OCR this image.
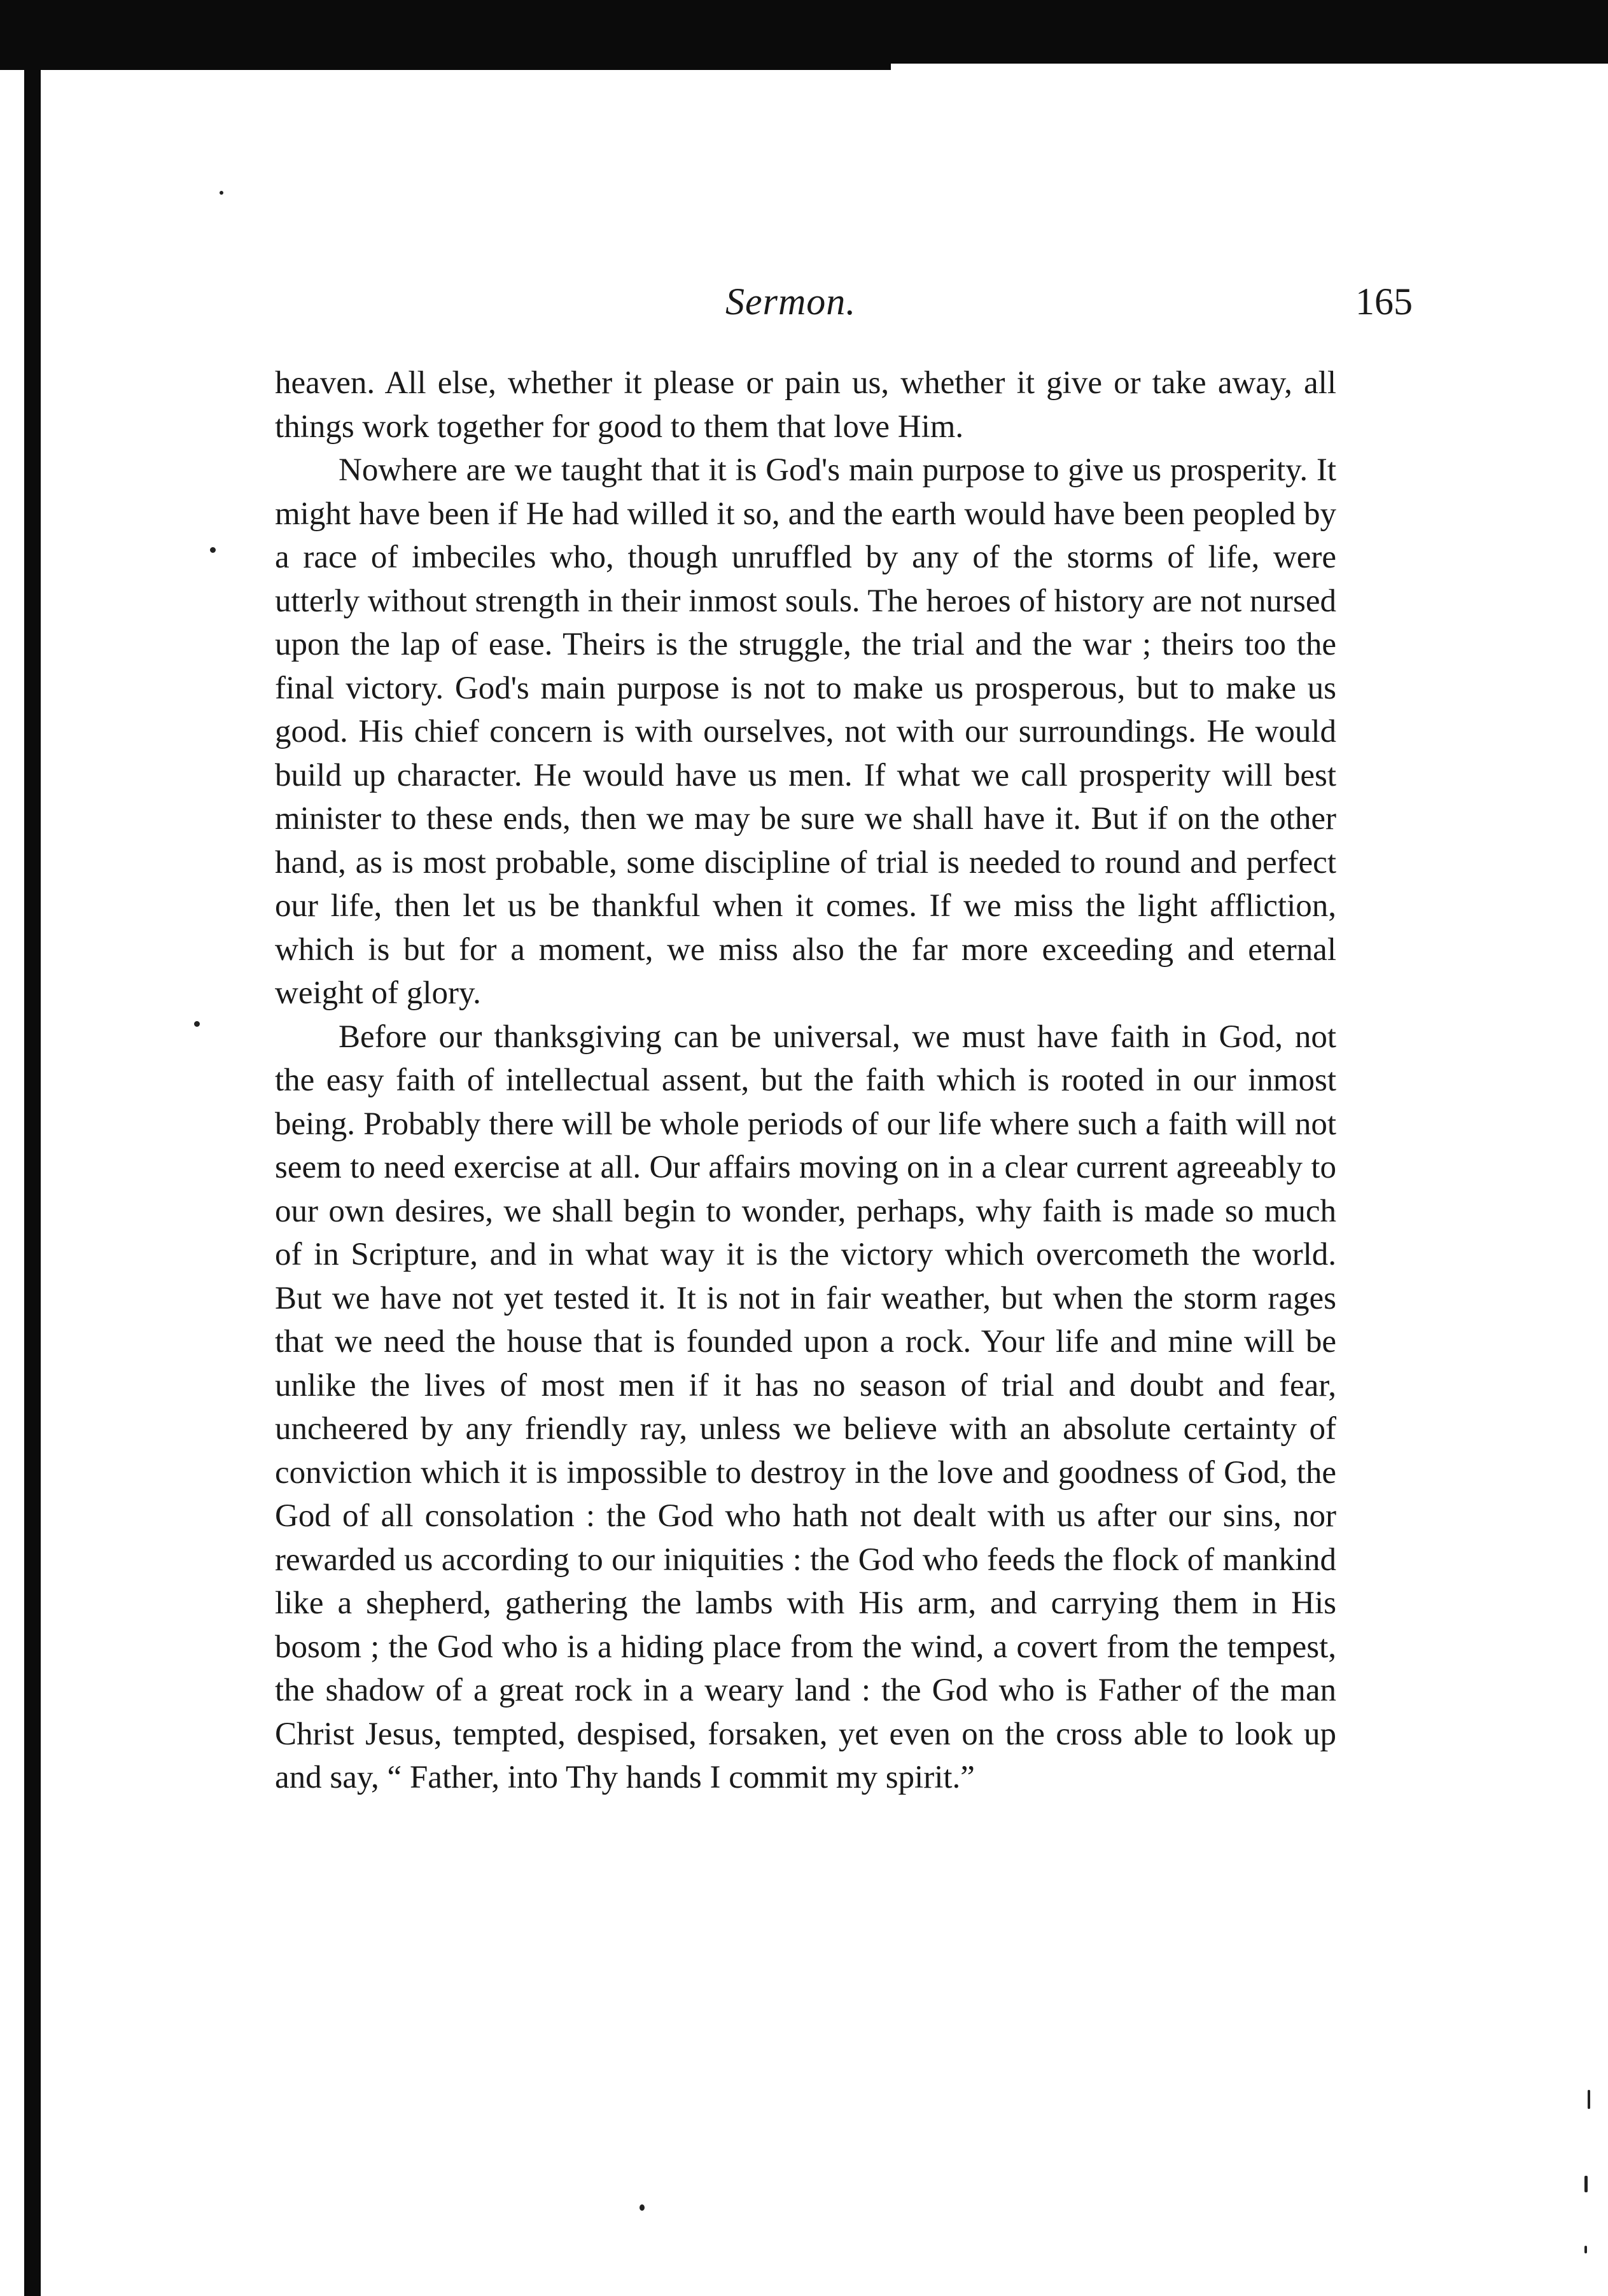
Sermon.	165

heaven. All else, whether it please or pain us, whether it give or take away, all things work together for good to them that love Him.

Nowhere are we taught that it is God's main purpose to give us prosperity. It might have been if He had willed it so, and the earth would have been peopled by a race of imbeciles who, though unruffled by any of the storms of life, were utterly without strength in their inmost souls. The heroes of history are not nursed upon the lap of ease. Theirs is the struggle, the trial and the war ; theirs too the final victory. God's main purpose is not to make us prosperous, but to make us good. His chief concern is with ourselves, not with our surroundings. He would build up character. He would have us men. If what we call prosperity will best minister to these ends, then we may be sure we shall have it. But if on the other hand, as is most probable, some discipline of trial is needed to round and perfect our life, then let us be thankful when it comes. If we miss the light affliction, which is but for a moment, we miss also the far more exceeding and eternal weight of glory.

Before our thanksgiving can be universal, we must have faith in God, not the easy faith of intellectual assent, but the faith which is rooted in our inmost being. Probably there will be whole periods of our life where such a faith will not seem to need exercise at all. Our affairs moving on in a clear current agreeably to our own desires, we shall begin to wonder, perhaps, why faith is made so much of in Scripture, and in what way it is the victory which overcometh the world. But we have not yet tested it. It is not in fair weather, but when the storm rages that we need the house that is founded upon a rock. Your life and mine will be unlike the lives of most men if it has no season of trial and doubt and fear, uncheered by any friendly ray, unless we believe with an absolute certainty of conviction which it is impossible to destroy in the love and goodness of God, the God of all consolation : the God who hath not dealt with us after our sins, nor rewarded us according to our iniquities : the God who feeds the flock of mankind like a shepherd, gathering the lambs with His arm, and carrying them in His bosom ; the God who is a hiding place from the wind, a covert from the tempest, the shadow of a great rock in a weary land : the God who is Father of the man Christ Jesus, tempted, despised, forsaken, yet even on the cross able to look up and say, “ Father, into Thy hands I commit my spirit.”
